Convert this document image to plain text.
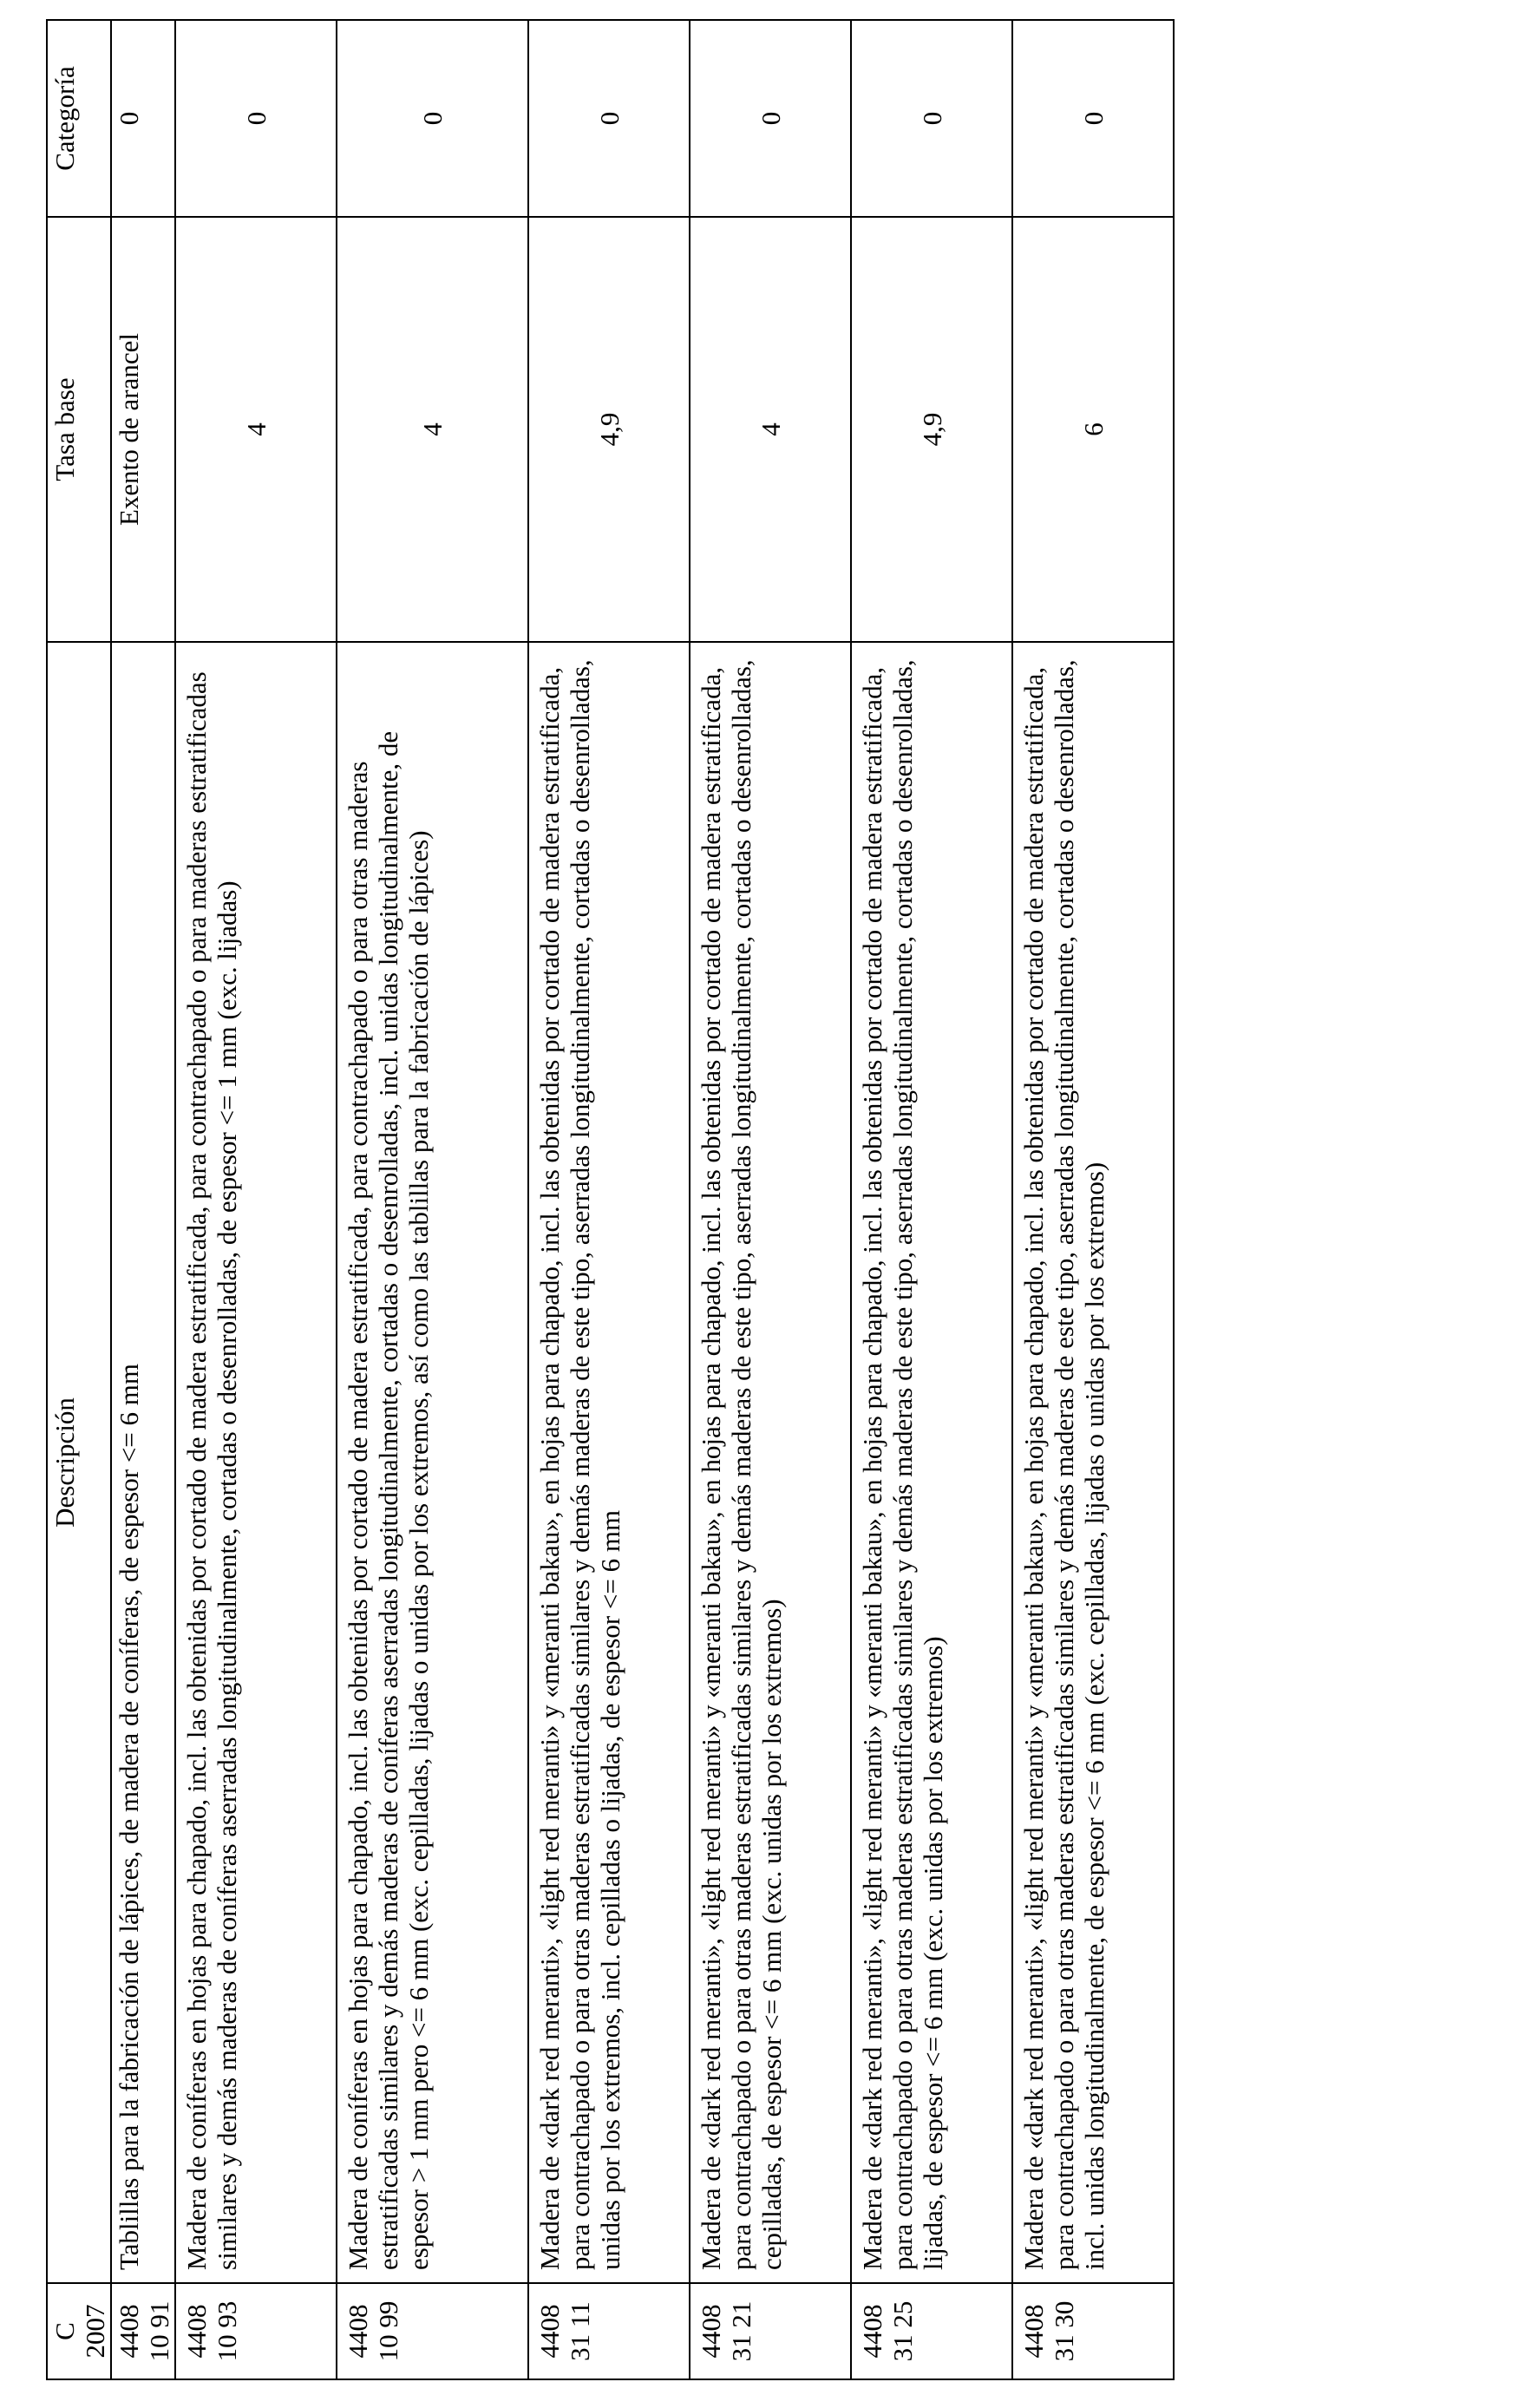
C 2007	Descripción	Tasa base	Categoría
4408 10 91	Tablillas para la fabricación de lápices, de madera de coníferas, de espesor <= 6 mm	Exento de arancel	0
4408 10 93	Madera de coníferas en hojas para chapado, incl. las obtenidas por cortado de madera estratificada, para contrachapado o para maderas estratificadas similares y demás maderas de coníferas aserradas longitudinalmente, cortadas o desenrolladas, de espesor <= 1 mm (exc. lijadas)	4	0
4408 10 99	Madera de coníferas en hojas para chapado, incl. las obtenidas por cortado de madera estratificada, para contrachapado o para otras maderas estratificadas similares y demás maderas de coníferas aserradas longitudinalmente, cortadas o desenrolladas, incl. unidas longitudinalmente, de espesor > 1 mm pero <= 6 mm (exc. cepilladas, lijadas o unidas por los extremos, así como las tablillas para la fabricación de lápices)	4	0
4408 31 11	Madera de «dark red meranti», «light red meranti» y «meranti bakau», en hojas para chapado, incl. las obtenidas por cortado de madera estratificada, para contrachapado o para otras maderas estratificadas similares y demás maderas de este tipo, aserradas longitudinalmente, cortadas o desenrolladas, unidas por los extremos, incl. cepilladas o lijadas, de espesor <= 6 mm	4,9	0
4408 31 21	Madera de «dark red meranti», «light red meranti» y «meranti bakau», en hojas para chapado, incl. las obtenidas por cortado de madera estratificada, para contrachapado o para otras maderas estratificadas similares y demás maderas de este tipo, aserradas longitudinalmente, cortadas o desenrolladas, cepilladas, de espesor <= 6 mm (exc. unidas por los extremos)	4	0
4408 31 25	Madera de «dark red meranti», «light red meranti» y «meranti bakau», en hojas para chapado, incl. las obtenidas por cortado de madera estratificada, para contrachapado o para otras maderas estratificadas similares y demás maderas de este tipo, aserradas longitudinalmente, cortadas o desenrolladas, lijadas, de espesor <= 6 mm (exc. unidas por los extremos)	4,9	0
4408 31 30	Madera de «dark red meranti», «light red meranti» y «meranti bakau», en hojas para chapado, incl. las obtenidas por cortado de madera estratificada, para contrachapado o para otras maderas estratificadas similares y demás maderas de este tipo, aserradas longitudinalmente, cortadas o desenrolladas, incl. unidas longitudinalmente, de espesor <= 6 mm (exc. cepilladas, lijadas o unidas por los extremos)	6	0
